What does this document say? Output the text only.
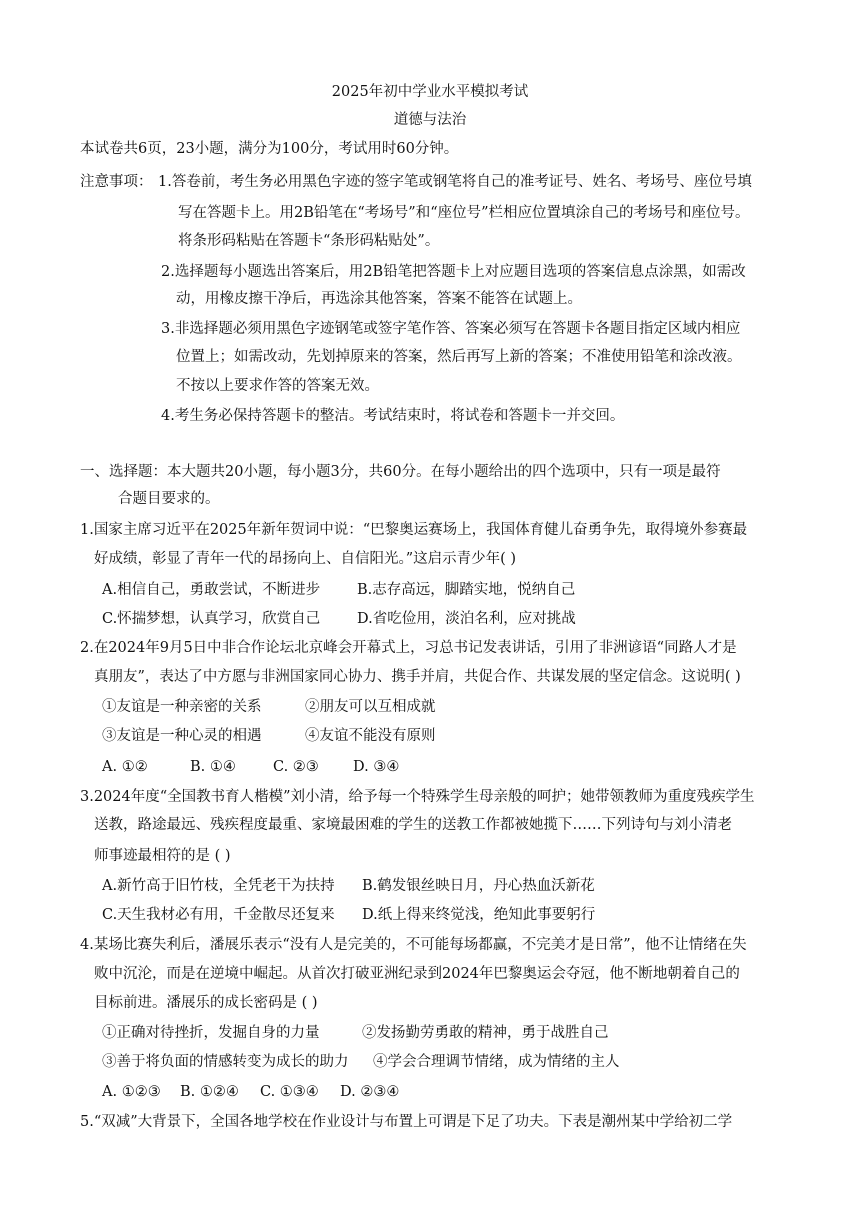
2025年初中学业水平模拟考试
道德与法治
本试卷共6页，23小题，满分为100分，考试用时60分钟。
注意事项： 1.答卷前，考生务必用黑色字迹的签字笔或钢笔将自己的准考证号、姓名、考场号、座位号填
写在答题卡上。用2B铅笔在“考场号”和“座位号”栏相应位置填涂自己的考场号和座位号。
将条形码粘贴在答题卡“条形码粘贴处”。
2.选择题每小题选出答案后，用2B铅笔把答题卡上对应题目选项的答案信息点涂黑，如需改
动，用橡皮擦干净后，再选涂其他答案，答案不能答在试题上。
3.非选择题必须用黑色字迹钢笔或签字笔作答、答案必须写在答题卡各题目指定区域内相应
位置上；如需改动，先划掉原来的答案，然后再写上新的答案；不准使用铅笔和涂改液。
不按以上要求作答的答案无效。
4.考生务必保持答题卡的整洁。考试结束时，将试卷和答题卡一并交回。
一、选择题：本大题共20小题，每小题3分，共60分。在每小题给出的四个选项中，只有一项是最符
合题目要求的。
1.国家主席习近平在2025年新年贺词中说：“巴黎奥运赛场上，我国体育健儿奋勇争先，取得境外参赛最
好成绩，彰显了青年一代的昂扬向上、自信阳光。”这启示青少年( )
A.相信自己，勇敢尝试，不断进步	B.志存高远，脚踏实地，悦纳自己
C.怀揣梦想，认真学习，欣赏自己	D.省吃俭用，淡泊名利，应对挑战
2.在2024年9月5日中非合作论坛北京峰会开幕式上，习总书记发表讲话，引用了非洲谚语“同路人才是
真朋友”，表达了中方愿与非洲国家同心协力、携手并肩，共促合作、共谋发展的坚定信念。这说明( )
①友谊是一种亲密的关系	②朋友可以互相成就
③友谊是一种心灵的相遇	④友谊不能没有原则
A. ①②	B. ①④	C. ②③ D. ③④
3.2024年度“全国教书育人楷模”刘小清，给予每一个特殊学生母亲般的呵护；她带领教师为重度残疾学生
送教，路途最远、残疾程度最重、家境最困难的学生的送教工作都被她揽下……下列诗句与刘小清老
师事迹最相符的是 ( )
A.新竹高于旧竹枝，全凭老干为扶持 B.鹤发银丝映日月，丹心热血沃新花
C.天生我材必有用，千金散尽还复来 D.纸上得来终觉浅，绝知此事要躬行
4.某场比赛失利后，潘展乐表示“没有人是完美的，不可能每场都赢，不完美才是日常”，他不让情绪在失
败中沉沦，而是在逆境中崛起。从首次打破亚洲纪录到2024年巴黎奥运会夺冠，他不断地朝着自己的
目标前进。潘展乐的成长密码是 ( )
①正确对待挫折，发掘自身的力量	②发扬勤劳勇敢的精神，勇于战胜自己
③善于将负面的情感转变为成长的助力 ④学会合理调节情绪，成为情绪的主人
A. ①②③ B. ①②④ C. ①③④ D. ②③④
5.“双减”大背景下，全国各地学校在作业设计与布置上可谓是下足了功夫。下表是潮州某中学给初二学
